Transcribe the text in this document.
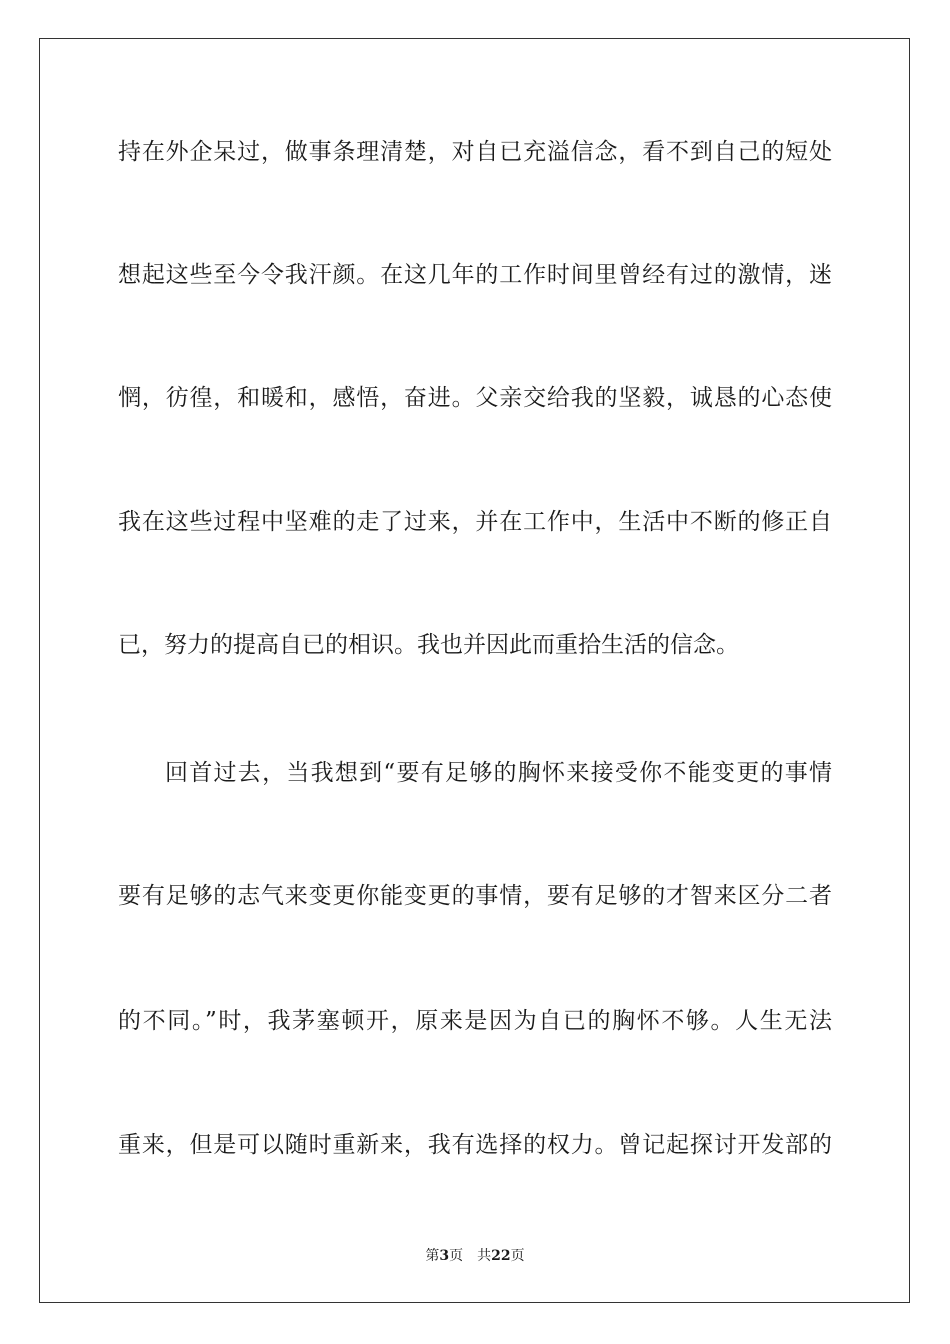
持在外企呆过，做事条理清楚，对自已充溢信念，看不到自己的短处
想起这些至今令我汗颜。在这几年的工作时间里曾经有过的激情，迷
惘，彷徨，和暖和，感悟，奋进。父亲交给我的坚毅，诚恳的心态使
我在这些过程中坚难的走了过来，并在工作中，生活中不断的修正自
已，努力的提高自已的相识。我也并因此而重拾生活的信念。
回首过去，当我想到“要有足够的胸怀来接受你不能变更的事情
要有足够的志气来变更你能变更的事情，要有足够的才智来区分二者
的不同。”时，我茅塞顿开，原来是因为自已的胸怀不够。人生无法
重来，但是可以随时重新来，我有选择的权力。曾记起探讨开发部的
第3页 共22页
